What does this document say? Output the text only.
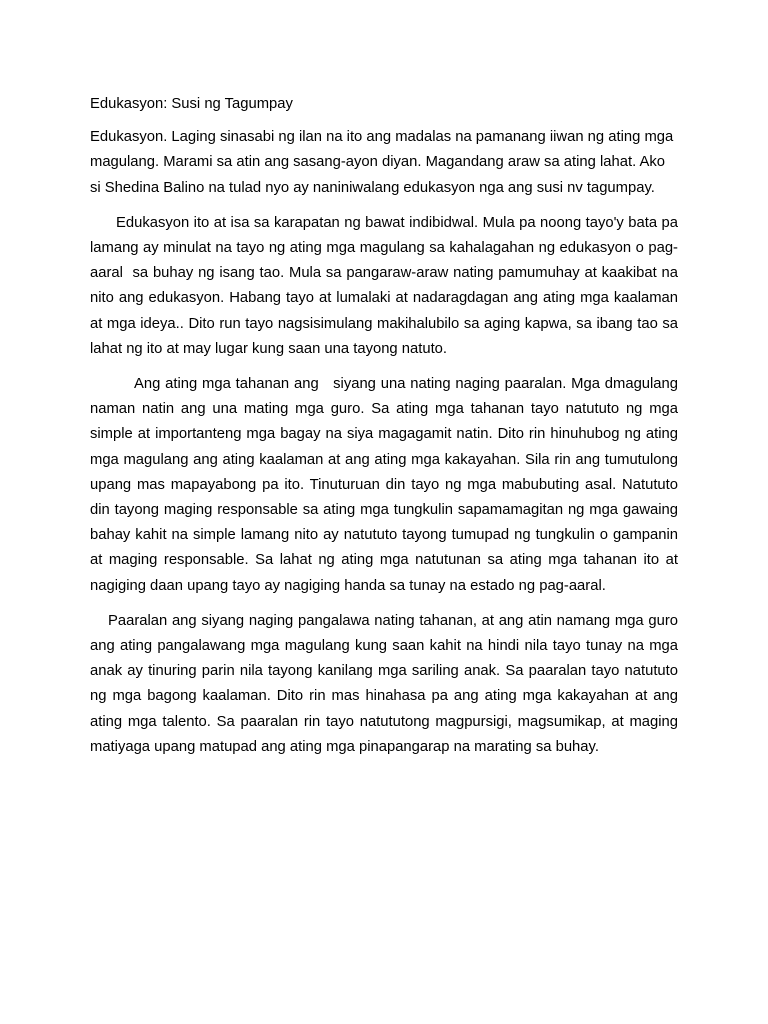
Edukasyon: Susi ng Tagumpay

Edukasyon. Laging sinasabi ng ilan na ito ang madalas na pamanang iiwan ng ating mga magulang. Marami sa atin ang sasang-ayon diyan. Magandang araw sa ating lahat. Ako si Shedina Balino na tulad nyo ay naniniwalang edukasyon nga ang susi nv tagumpay.

Edukasyon ito at isa sa karapatan ng bawat indibidwal. Mula pa noong tayo'y bata pa lamang ay minulat na tayo ng ating mga magulang sa kahalagahan ng edukasyon o pag-aaral  sa buhay ng isang tao. Mula sa pangaraw-araw nating pamumuhay at kaakibat na nito ang edukasyon. Habang tayo at lumalaki at nadaragdagan ang ating mga kaalaman at mga ideya.. Dito run tayo nagsisimulang makihalubilo sa aging kapwa, sa ibang tao sa lahat ng ito at may lugar kung saan una tayong natuto.

Ang ating mga tahanan ang   siyang una nating naging paaralan. Mga dmagulang naman natin ang una mating mga guro. Sa ating mga tahanan tayo natututo ng mga simple at importanteng mga bagay na siya magagamit natin. Dito rin hinuhubog ng ating mga magulang ang ating kaalaman at ang ating mga kakayahan. Sila rin ang tumutulong upang mas mapayabong pa ito. Tinuturuan din tayo ng mga mabubuting asal. Natututo din tayong maging responsable sa ating mga tungkulin sapamamagitan ng mga gawaing bahay kahit na simple lamang nito ay natututo tayong tumupad ng tungkulin o gampanin at maging responsable. Sa lahat ng ating mga natutunan sa ating mga tahanan ito at nagiging daan upang tayo ay nagiging handa sa tunay na estado ng pag-aaral.

Paaralan ang siyang naging pangalawa nating tahanan, at ang atin namang mga guro ang ating pangalawang mga magulang kung saan kahit na hindi nila tayo tunay na mga anak ay tinuring parin nila tayong kanilang mga sariling anak. Sa paaralan tayo natututo ng mga bagong kaalaman. Dito rin mas hinahasa pa ang ating mga kakayahan at ang ating mga talento. Sa paaralan rin tayo natututong magpursigi, magsumikap, at maging matiyaga upang matupad ang ating mga pinapangarap na marating sa buhay.
